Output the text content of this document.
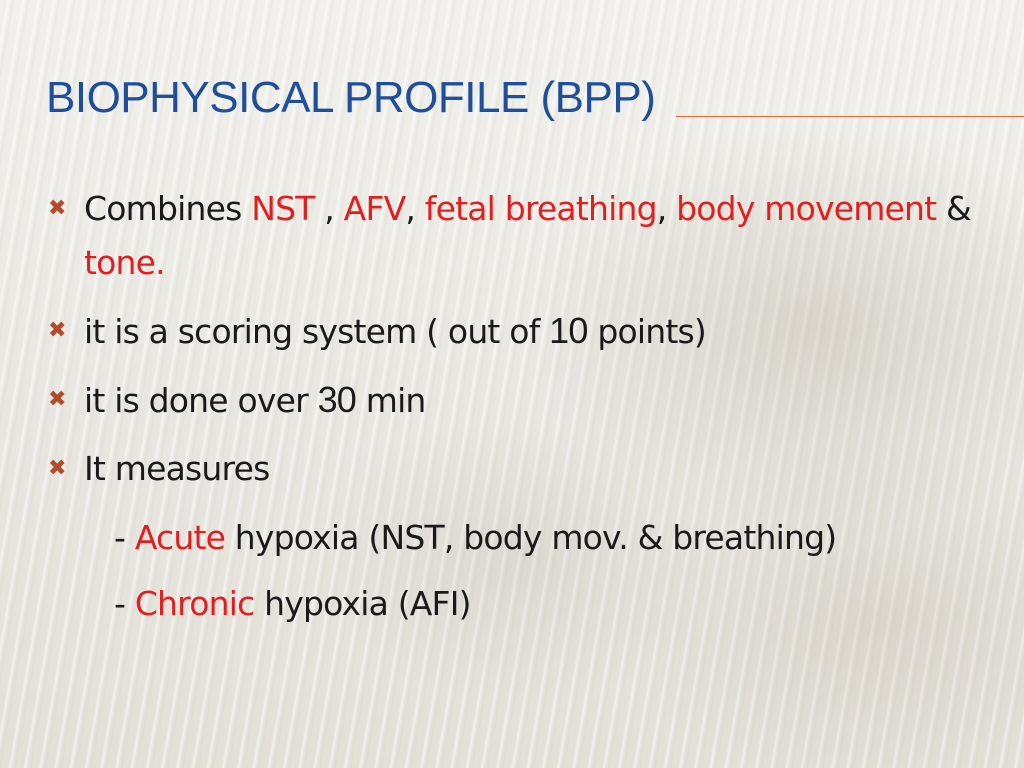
BIOPHYSICAL PROFILE (BPP)
✖ Combines NST , AFV, fetal breathing, body movement & tone.
✖ it is a scoring system ( out of 10 points)
✖ it is done over 30 min
✖ It measures
- Acute hypoxia (NST, body mov. & breathing)
- Chronic hypoxia (AFI)
